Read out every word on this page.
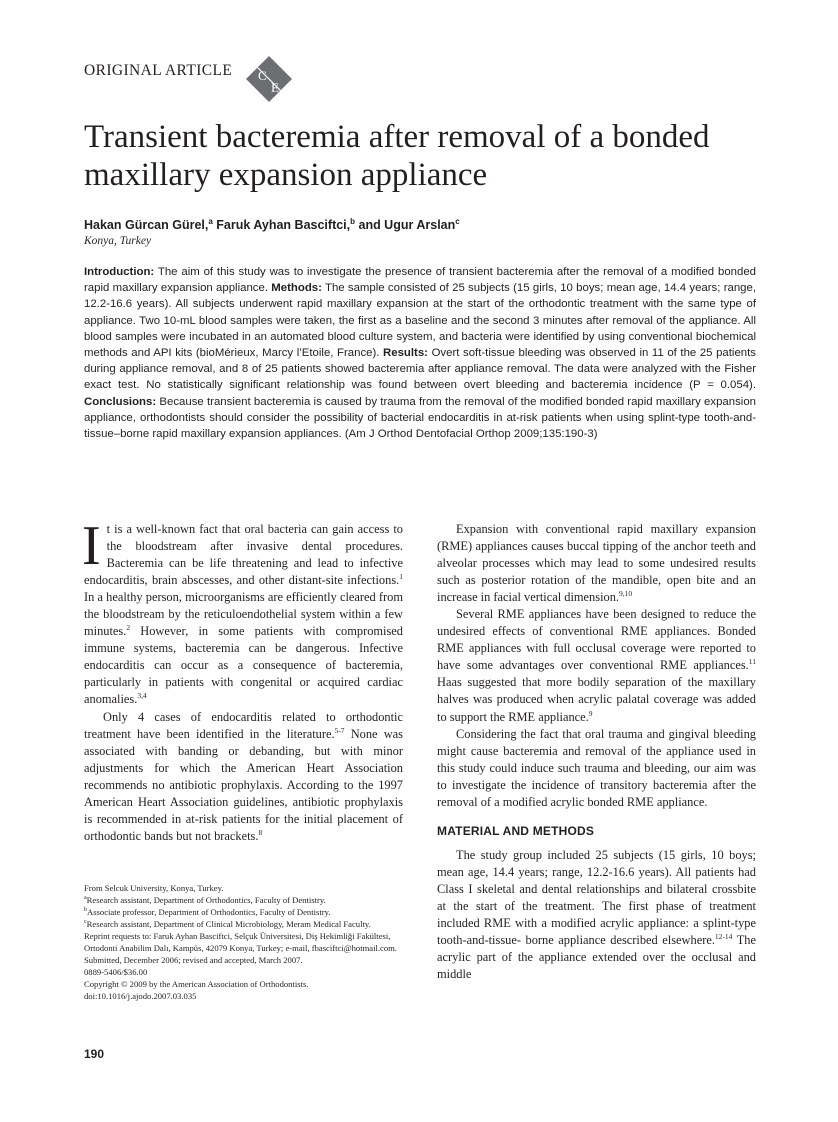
ORIGINAL ARTICLE C
E
Transient bacteremia after removal of a bonded maxillary expansion appliance
Hakan Gürcan Gürel,$^a$ Faruk Ayhan Basciftci,$^b$ and Ugur Arslan$^c$
Konya, Turkey

Introduction: The aim of this study was to investigate the presence of transient bacteremia after the removal of a modified bonded rapid maxillary expansion appliance. Methods: The sample consisted of 25 subjects (15 girls, 10 boys; mean age, 14.4 years; range, 12.2-16.6 years). All subjects underwent rapid maxillary expansion at the start of the orthodontic treatment with the same type of appliance. Two 10-mL blood samples were taken, the first as a baseline and the second 3 minutes after removal of the appliance. All blood samples were incubated in an automated blood culture system, and bacteria were identified by using conventional biochemical methods and API kits (bioMérieux, Marcy l’Etoile, France). Results: Overt soft-tissue bleeding was observed in 11 of the 25 patients during appliance removal, and 8 of 25 patients showed bacteremia after appliance removal. The data were analyzed with the Fisher exact test. No statistically significant relationship was found between overt bleeding and bacteremia incidence (P = 0.054). Conclusions: Because transient bacteremia is caused by trauma from the removal of the modified bonded rapid maxillary expansion appliance, orthodontists should consider the possibility of bacterial endocarditis in at-risk patients when using splint-type tooth-and-tissue–borne rapid maxillary expansion appliances. (Am J Orthod Dentofacial Orthop 2009;135:190-3)

It is a well-known fact that oral bacteria can gain access to the bloodstream after invasive dental procedures. Bacteremia can be life threatening and lead to infective endocarditis, brain abscesses, and other distant-site infections.$^1$ In a healthy person, microorganisms are efficiently cleared from the bloodstream by the reticuloendothelial system within a few minutes.$^2$ However, in some patients with compromised immune systems, bacteremia can be dangerous. Infective endocarditis can occur as a consequence of bacteremia, particularly in patients with congenital or acquired cardiac anomalies.$^{3,4}$

Only 4 cases of endocarditis related to orthodontic treatment have been identified in the literature.$^{5-7}$ None was associated with banding or debanding, but with minor adjustments for which the American Heart Association recommends no antibiotic prophylaxis. According to the 1997 American Heart Association guidelines, antibiotic prophylaxis is recommended in at-risk patients for the initial placement of orthodontic bands but not brackets.$^8$

Expansion with conventional rapid maxillary expansion (RME) appliances causes buccal tipping of the anchor teeth and alveolar processes which may lead to some undesired results such as posterior rotation of the mandible, open bite and an increase in facial vertical dimension.$^{9,10}$

Several RME appliances have been designed to reduce the undesired effects of conventional RME appliances. Bonded RME appliances with full occlusal coverage were reported to have some advantages over conventional RME appliances.$^{11}$ Haas suggested that more bodily separation of the maxillary halves was produced when acrylic palatal coverage was added to support the RME appliance.$^9$

Considering the fact that oral trauma and gingival bleeding might cause bacteremia and removal of the appliance used in this study could induce such trauma and bleeding, our aim was to investigate the incidence of transitory bacteremia after the removal of a modified acrylic bonded RME appliance.

MATERIAL AND METHODS

The study group included 25 subjects (15 girls, 10 boys; mean age, 14.4 years; range, 12.2-16.6 years). All patients had Class I skeletal and dental relationships and bilateral crossbite at the start of the treatment. The first phase of treatment included RME with a modified acrylic appliance: a splint-type tooth-and-tissue- borne appliance described elsewhere.$^{12-14}$ The acrylic part of the appliance extended over the occlusal and middle

From Selcuk University, Konya, Turkey.
$^a$Research assistant, Department of Orthodontics, Faculty of Dentistry.
$^b$Associate professor, Department of Orthodontics, Faculty of Dentistry.
$^c$Research assistant, Department of Clinical Microbiology, Meram Medical Faculty.
Reprint requests to: Faruk Ayhan Basciftci, Selçuk Üniversitesi, Diş Hekimliği Fakültesi, Ortodonti Anabilim Dalı, Kampüs, 42079 Konya, Turkey; e-mail, fbasciftci@hotmail.com.
Submitted, December 2006; revised and accepted, March 2007.
0889-5406/$36.00
Copyright © 2009 by the American Association of Orthodontists.
doi:10.1016/j.ajodo.2007.03.035
190
